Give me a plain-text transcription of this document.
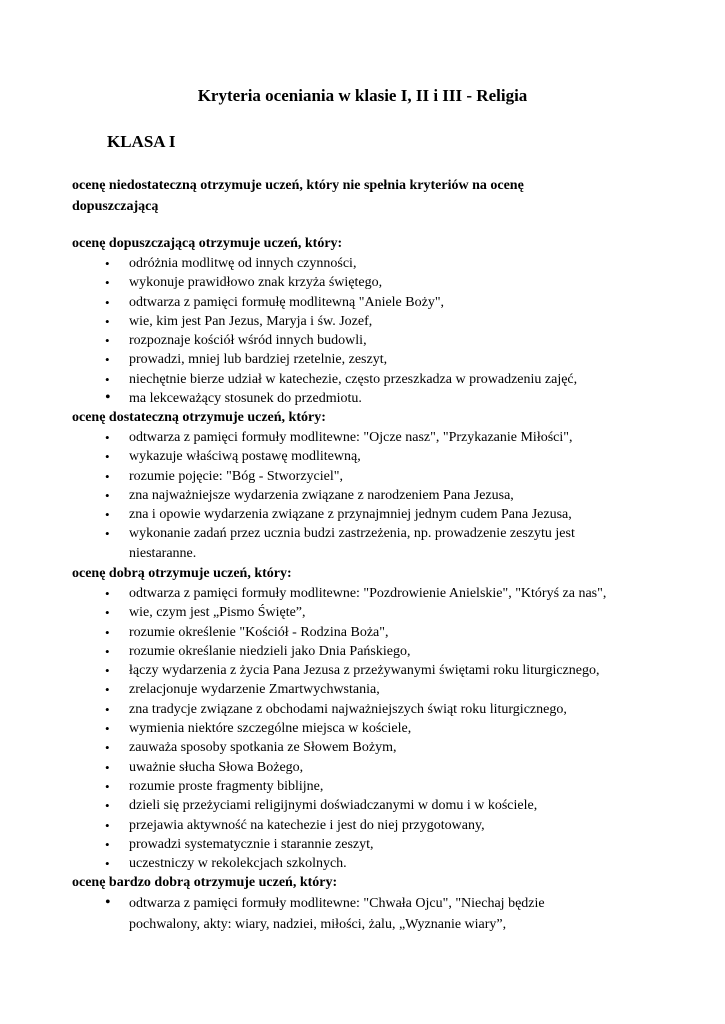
Kryteria oceniania w klasie I, II i III - Religia
KLASA I

ocenę niedostateczną otrzymuje uczeń, który nie spełnia kryteriów na ocenę
dopuszczającą

ocenę dopuszczającą otrzymuje uczeń, który:

• odróżnia modlitwę od innych czynności,
• wykonuje prawidłowo znak krzyża świętego,
• odtwarza z pamięci formułę modlitewną "Aniele Boży",
• wie, kim jest Pan Jezus, Maryja i św. Jozef,
• rozpoznaje kościół wśród innych budowli,
• prowadzi, mniej lub bardziej rzetelnie, zeszyt,
• niechętnie bierze udział w katechezie, często przeszkadza w prowadzeniu zajęć,
• ma lekceważący stosunek do przedmiotu.

ocenę dostateczną otrzymuje uczeń, który:

• odtwarza z pamięci formuły modlitewne: "Ojcze nasz", "Przykazanie Miłości",
• wykazuje właściwą postawę modlitewną,
• rozumie pojęcie: "Bóg - Stworzyciel",
• zna najważniejsze wydarzenia związane z narodzeniem Pana Jezusa,
• zna i opowie wydarzenia związane z przynajmniej jednym cudem Pana Jezusa,
• wykonanie zadań przez ucznia budzi zastrzeżenia, np. prowadzenie zeszytu jest
niestaranne.

ocenę dobrą otrzymuje uczeń, który:

• odtwarza z pamięci formuły modlitewne: "Pozdrowienie Anielskie", "Któryś za nas",
• wie, czym jest „Pismo Święte”,
• rozumie określenie "Kościół - Rodzina Boża",
• rozumie określanie niedzieli jako Dnia Pańskiego,
• łączy wydarzenia z życia Pana Jezusa z przeżywanymi świętami roku liturgicznego,
• zrelacjonuje wydarzenie Zmartwychwstania,
• zna tradycje związane z obchodami najważniejszych świąt roku liturgicznego,
• wymienia niektóre szczególne miejsca w kościele,
• zauważa sposoby spotkania ze Słowem Bożym,
• uważnie słucha Słowa Bożego,
• rozumie proste fragmenty biblijne,
• dzieli się przeżyciami religijnymi doświadczanymi w domu i w kościele,
• przejawia aktywność na katechezie i jest do niej przygotowany,
• prowadzi systematycznie i starannie zeszyt,
• uczestniczy w rekolekcjach szkolnych.

ocenę bardzo dobrą otrzymuje uczeń, który:

• odtwarza z pamięci formuły modlitewne: "Chwała Ojcu", "Niechaj będzie
pochwalony, akty: wiary, nadziei, miłości, żalu, „Wyznanie wiary”,
